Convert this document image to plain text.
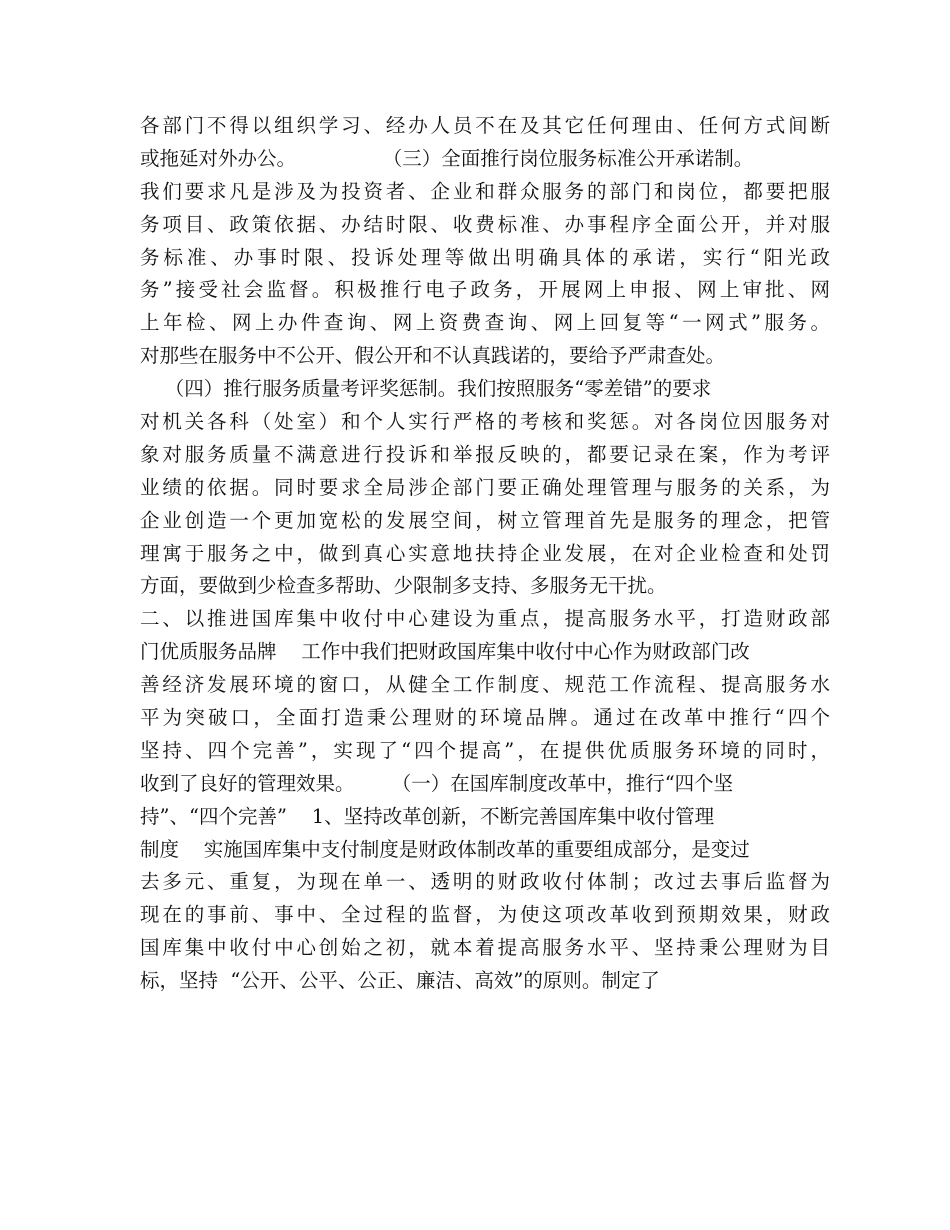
各部门不得以组织学习、经办人员不在及其它任何理由、任何方式间断
或拖延对外办公。              （三）全面推行岗位服务标准公开承诺制。
我们要求凡是涉及为投资者、企业和群众服务的部门和岗位，都要把服
务项目、政策依据、办结时限、收费标准、办事程序全面公开，并对服
务标准、办事时限、投诉处理等做出明确具体的承诺，实行“阳光政
务”接受社会监督。积极推行电子政务，开展网上申报、网上审批、网
上年检、网上办件查询、网上资费查询、网上回复等“一网式”服务。
对那些在服务中不公开、假公开和不认真践诺的，要给予严肃查处。
（四）推行服务质量考评奖惩制。我们按照服务“零差错”的要求
对机关各科（处室）和个人实行严格的考核和奖惩。对各岗位因服务对
象对服务质量不满意进行投诉和举报反映的，都要记录在案，作为考评
业绩的依据。同时要求全局涉企部门要正确处理管理与服务的关系，为
企业创造一个更加宽松的发展空间，树立管理首先是服务的理念，把管
理寓于服务之中，做到真心实意地扶持企业发展，在对企业检查和处罚
方面，要做到少检查多帮助、少限制多支持、多服务无干扰。
二、以推进国库集中收付中心建设为重点，提高服务水平，打造财政部
门优质服务品牌    工作中我们把财政国库集中收付中心作为财政部门改
善经济发展环境的窗口，从健全工作制度、规范工作流程、提高服务水
平为突破口，全面打造秉公理财的环境品牌。通过在改革中推行“四个
坚持、四个完善”，实现了“四个提高”，在提供优质服务环境的同时，
收到了良好的管理效果。      （一）在国库制度改革中，推行“四个坚
持”、“四个完善”    1、坚持改革创新，不断完善国库集中收付管理
制度    实施国库集中支付制度是财政体制改革的重要组成部分，是变过
去多元、重复，为现在单一、透明的财政收付体制；改过去事后监督为
现在的事前、事中、全过程的监督，为使这项改革收到预期效果，财政
国库集中收付中心创始之初，就本着提高服务水平、坚持秉公理财为目
标，坚持  “公开、公平、公正、廉洁、高效”的原则。制定了
